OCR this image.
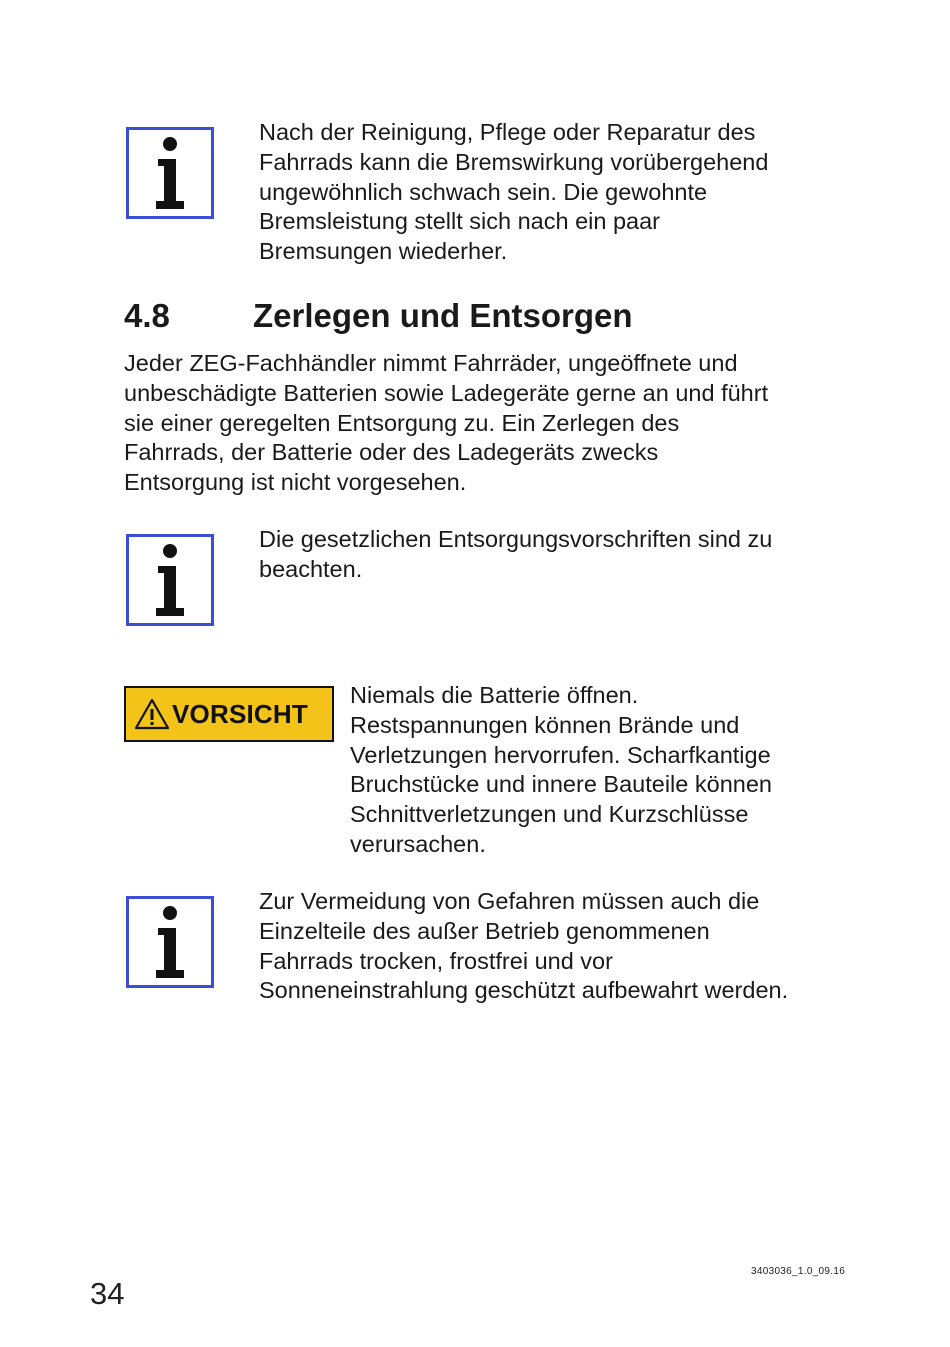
Nach der Reinigung, Pflege oder Reparatur des
Fahrrads kann die Bremswirkung vorübergehend
ungewöhnlich schwach sein. Die gewohnte
Bremsleistung stellt sich nach ein paar
Bremsungen wiederher.
4.8	Zerlegen und Entsorgen
Jeder ZEG-Fachhändler nimmt Fahrräder, ungeöffnete und
unbeschädigte Batterien sowie Ladegeräte gerne an und führt
sie einer geregelten Entsorgung zu. Ein Zerlegen des
Fahrrads, der Batterie oder des Ladegeräts zwecks
Entsorgung ist nicht vorgesehen.
Die gesetzlichen Entsorgungsvorschriften sind zu
beachten.
VORSICHT
Niemals die Batterie öffnen.
Restspannungen können Brände und
Verletzungen hervorrufen. Scharfkantige
Bruchstücke und innere Bauteile können
Schnittverletzungen und Kurzschlüsse
verursachen.
Zur Vermeidung von Gefahren müssen auch die
Einzelteile des außer Betrieb genommenen
Fahrrads trocken, frostfrei und vor
Sonneneinstrahlung geschützt aufbewahrt werden.
34
3403036_1.0_09.16
